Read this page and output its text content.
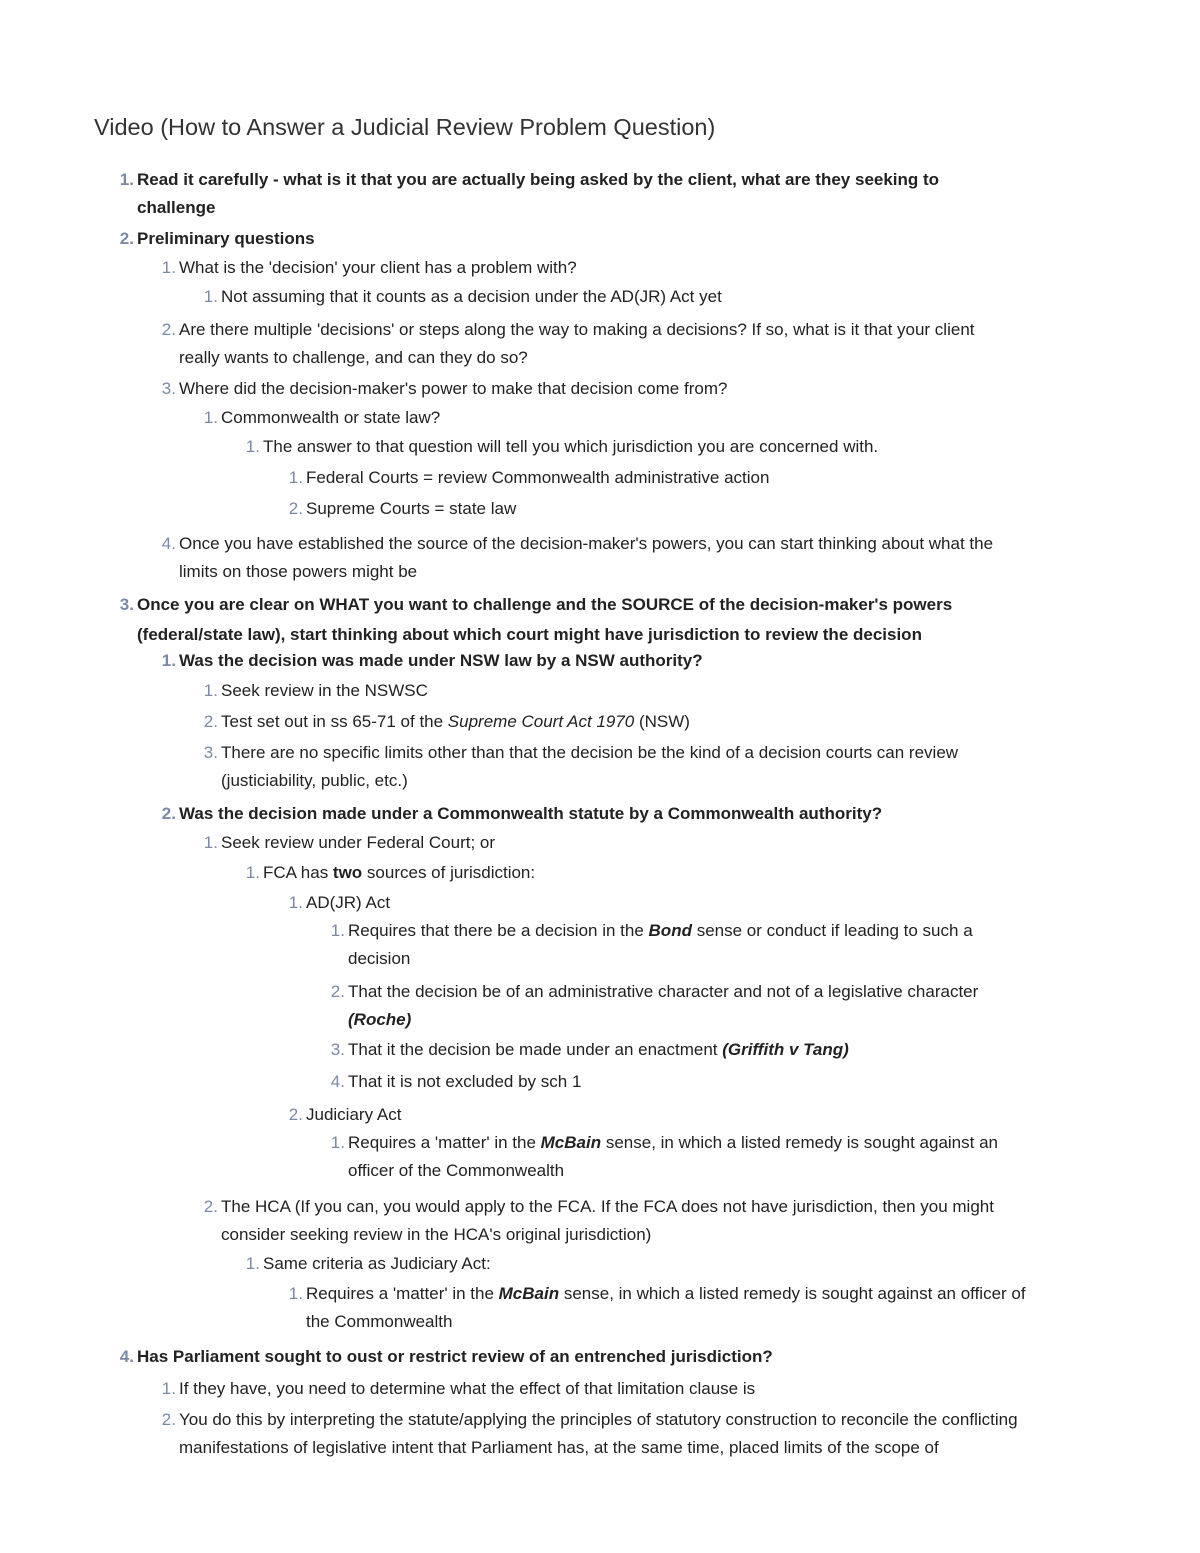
Video (How to Answer a Judicial Review Problem Question)
1 . Read it carefully - what is it that you are actually being asked by the client, what are they seeking to
challenge
2 . Preliminary questions
1 . What is the 'decision' your client has a problem with?
1 . Not assuming that it counts as a decision under the AD(JR) Act yet
2 . Are there multiple 'decisions' or steps along the way to making a decisions? If so, what is it that your client
really wants to challenge, and can they do so?
3 . Where did the decision-maker's power to make that decision come from?
1 . Commonwealth or state law?
1 . The answer to that question will tell you which jurisdiction you are concerned with.
1 . Federal Courts = review Commonwealth administrative action
2 . Supreme Courts = state law
4 . Once you have established the source of the decision-maker's powers, you can start thinking about what the
limits on those powers might be
3 . Once you are clear on WHAT you want to challenge and the SOURCE of the decision-maker's powers
(federal/state law), start thinking about which court might have jurisdiction to review the decision
1 . Was the decision was made under NSW law by a NSW authority?
1 . Seek review in the NSWSC
2 . Test set out in ss 65-71 of the Supreme Court Act 1970 (NSW)
3 . There are no specific limits other than that the decision be the kind of a decision courts can review
(justiciability, public, etc.)
2 . Was the decision made under a Commonwealth statute by a Commonwealth authority?
1 . Seek review under Federal Court; or
1 . FCA has two sources of jurisdiction:
1 . AD(JR) Act
1 . Requires that there be a decision in the Bond sense or conduct if leading to such a
decision
2 . That the decision be of an administrative character and not of a legislative character
(Roche)
3 . That it the decision be made under an enactment (Griffith v Tang)
4 . That it is not excluded by sch 1
2 . Judiciary Act
1 . Requires a 'matter' in the McBain sense, in which a listed remedy is sought against an
officer of the Commonwealth
2 . The HCA (If you can, you would apply to the FCA. If the FCA does not have jurisdiction, then you might
consider seeking review in the HCA's original jurisdiction)
1 . Same criteria as Judiciary Act:
1 . Requires a 'matter' in the McBain sense, in which a listed remedy is sought against an officer of
the Commonwealth
4 . Has Parliament sought to oust or restrict review of an entrenched jurisdiction?
1 . If they have, you need to determine what the effect of that limitation clause is
2 . You do this by interpreting the statute/applying the principles of statutory construction to reconcile the conflicting
manifestations of legislative intent that Parliament has, at the same time, placed limits of the scope of
